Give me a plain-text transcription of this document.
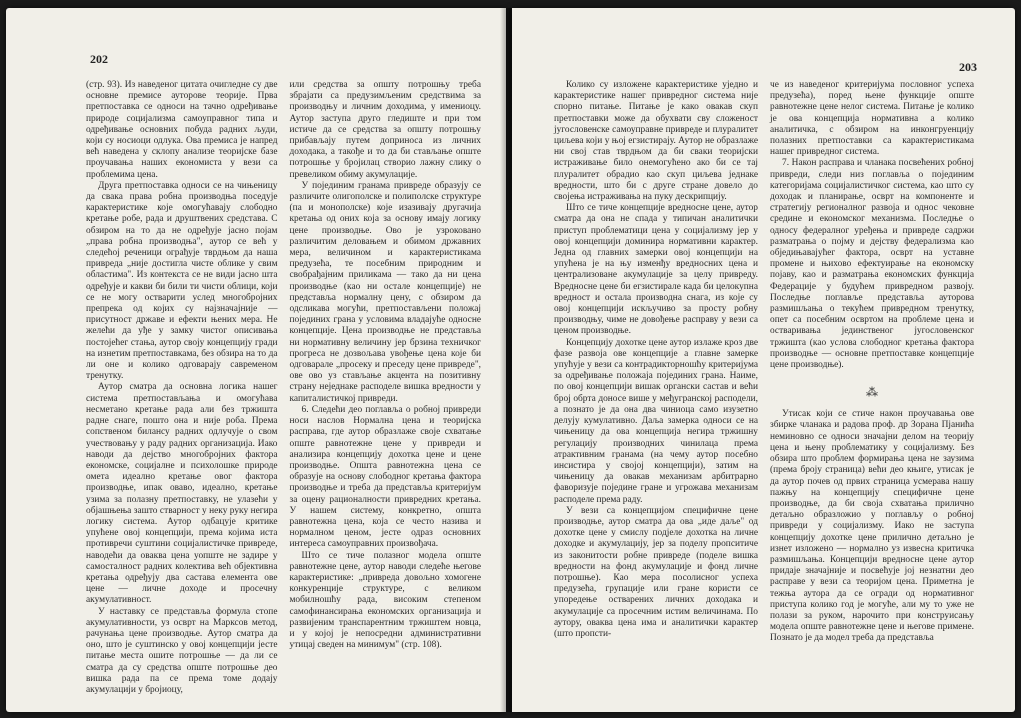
202

(стр. 93). Из наведеног цитата очигледне су две основне премисе ауторове теорије. Прва претпоставка се односи на тачно одређивање природе социјализма самоуправног типа и одређивање основних побуда радних људи, који су носиоци одлука. Ова премиса је напред већ наведена у склопу анализе теоријске базе проучавања наших економиста у вези са проблемима цена.

Друга претпоставка односи се на чињеницу да свака права робна производња поседује карактеристике које омогућавају слободно кретање робе, рада и друштвених средстава. С обзиром на то да не одређује јасно појам „права робна производња", аутор се већ у следећој реченици ограђује тврдњом да наша привреда „није достигла чисте облике у свим областима". Из контекста се не види јасно шта одређује и какви би били ти чисти облици, који се не могу остварити услед многобројних препрека од којих су најзначајније — присутност државе и ефекти њених мера. Не желећи да уђе у замку чистог описивања постојећег стања, аутор своју концепцију гради на изнетим претпоставкама, без обзира на то да ли оне и колико одговарају савременом тренутку.

Аутор сматра да основна логика нашег система претпостављања и омогућава несметано кретање рада али без тржишта радне снаге, пошто она и није роба. Према сопственом билансу радних одлучује о свом учествовању у раду радних организација. Иако наводи да дејство многобројних фактора економске, социјалне и психолошке природе омета идеално кретање овог фактора производње, ипак оваво, идеално, кретање узима за полазну претпоставку, не улазећи у објашњења зашто стварност у неку руку негира логику система. Аутор одбацује критике упућене овој концепцији, према којима иста противречи суштини социјалистичке привреде, наводећи да оваква цена уопште не задире у самосталност радних колектива већ објективна кретања одређују два састава елемента ове цене — личне доходе и просечну акумулативност.

У наставку се представља формула стопе акумулативности, уз осврт на Марксов метод, рачунања цене производње. Аутор сматра да оно, што је суштинско у овој концепцији јесте питање места ошите потрошње — да ли се сматра да су средства опште потрошње део вишка рада па се према томе додају акумулацији у бројиоцу,

или средства за општу потрошњу треба збрајати са предузимљеним средствима за производњу и личним доходима, у имениоцу. Аутор заступа друго гледиште и при том истиче да се средства за општу потрошњу прибављају путем доприноса из личних доходака, а такође и то да би стављање опште потрошње у бројилац створио лажну слику о превеликом обиму акумулације.

У појединим гранама привреде образују се различите олигополске и полиполске структуре (па и монополске) које изазивају другачија кретања од оних која за основу имају логику цене производње. Ово је узроковано различитим деловањем и обимом државних мера, величином и карактеристикама предузећа, те посебним природним и свобрађајним приликама — тако да ни цена производње (као ни остале концепције) не представља нормалну цену, с обзиром да одсликава могући, претпостављени положај појединих грана у условима владајуће односне концепције. Цена производње не представља ни нормативну величину јер брзина техничког прогреса не дозвољава увођење цена које би одговарале „просеку и преседу цене привреде", ове ово уз стављање акцента на позитивну страну неједнаке расподеле вишка вредности у капиталистичкој привреди.

6. Следећи део поглавља о робној привреди носи наслов Нормална цена и теоријска расправа, где аутор образлаже своје схватање опште равнотежне цене у привреди и анализира концепцију дохотка цене и цене производње. Општа равнотежна цена се образује на основу слободног кретања фактора производње и треба да представља критеријум за оцену рационалности привредних кретања. У нашем систему, конкретно, општа равнотежна цена, која се често назива и нормалном ценом, јесте одраз основних интереса самоуправних произвођача.

Што се тиче полазног модела опште равнотежне цене, аутор наводи следеће његове карактеристике: „привреда довољно хомогене конкуренције структуре, с великом мобилношћу рада, високим степеном самофинансирања економских организација и развијеним транспарентним тржиштем новца, и у којој је непосредни административни утицај сведен на минимум" (стр. 108).

203

Колико су изложене карактеристике уједно и карактеристике нашег привредног система није спорно питање. Питање је како овакав скуп претпоставки може да обухвати сву сложеност југословенске самоуправне привреде и плуралитет циљева који у њој егзистирају. Аутор не образлаже ни свој став тврдњом да би сваки теоријски истраживање било онемогућено ако би се тај плуралитет обрадио као скуп циљева једнаке вредности, што би с друге стране довело до својења истраживања на пуку дескрипцију.

Што се тиче концепције вредносне цене, аутор сматра да она не спада у типичан аналитички приступ проблематици цена у социјализму јер у овој концепцији доминира нормативни карактер. Једна од главних замерки овој концепцији на упућена је на њу изменђу вредносних цена и централизоване акумулације за целу привреду. Вредносне цене би егзистирале када би целокупна вредност и остала производна снага, из које су овој концепцији искључиво за просту робну производњу, чиме не довођење расправу у вези са ценом производње.

Концепцију дохотке цене аутор излаже кроз две фазе развоја ове концепције а главне замерке упућује у вези са контрадикторношћу критеријума за одређивање положаја појединих грана. Наиме, по овој концепцији вишак органски састав и већи број обрта доносе више у међугранској расподели, а познато је да она два чиниоца само изузетно делују кумулативно. Даља замерка односи се на чињеницу да ова концепција негира тржишну регулацију производних чинилаца према атрактивним гранама (на чему аутор посебно инсистира у својој концепцији), затим на чињеницу да овакав механизам арбитрарно фаворизује поједине гране и угрожава механизам расподеле према раду.

У вези са концепцијом специфичне цене производње, аутор сматра да ова „иде даље" од дохотке цене у смислу подјеле дохотка на личне доходке и акумулацију, јер за поделу пропситиче из законитости робне привреде (поделе вишка вредности на фонд акумулације и фонд личне потрошње). Као мера посолисног успеха предузећа, групације или гране користи се упоредење остварених личних доходака и акумулације са просечним истим величинама. По аутору, оваква цена има и аналитички карактер (што пропсти-

че из наведеног критеријума пословног успеха предузећа), поред њене функције опште равнотежне цене нелог система. Питање је колико је ова концепција нормативна а колико аналитичка, с обзиром на инконгруенцију полазних претпоставки са карактеристикама нашег привредног система.

7. Након расправа и чланака посвећених робној привреди, следи низ поглавља о појединим категоријама социјалистичког система, као што су доходак и планирање, осврт на компоненте и стратегију регионалног развоја и однос чековне средине и економског механизма. Последње о односу федералног уређења и привреде садржи разматрања о појму и дејству федерализма као обједињавајућег фактора, осврт на уставне промене и њихово ефектуирање на економску појаву, као и разматрања економских функција Федерације у будућем привредном развоју. Последње поглавље представља ауторова размишљања о текућем привредном тренутку, опет са посебним освртом на проблеме цена и остваривања јединственог југословенског тржишта (као услова слободног кретања фактора производње — основне претпоставке концепције цене производње).

⁂

Утисак који се стиче након проучавања ове збирке чланака и радова проф. др Зорана Пјанића неминовно се односи значајни делом на теорију цена и њену проблематику у социјализму. Без обзира што проблем формирања цена не заузима (према броју страница) већи део књиге, утисак је да аутор почев од првих страница усмерава нашу пажњу на концепцију специфичне цене производње, да би своја схватања прилично детаљно образложио у поглављу о робној привреди у социјализму. Иако не заступа концепцију дохотке цене прилично детаљно је изнет изложено — нормално уз извесна критичка размишљања. Концепцији вредносне цене аутор придаје значајније и посвећује јој незнатни део расправе у вези са теоријом цена. Приметна је тежња аутора да се огради од нормативног приступа колико год је могуће, али му то уже не полази за руком, нарочито при конструисању модела опште равнотежне цене и његове примене. Познато је да модел треба да представља
